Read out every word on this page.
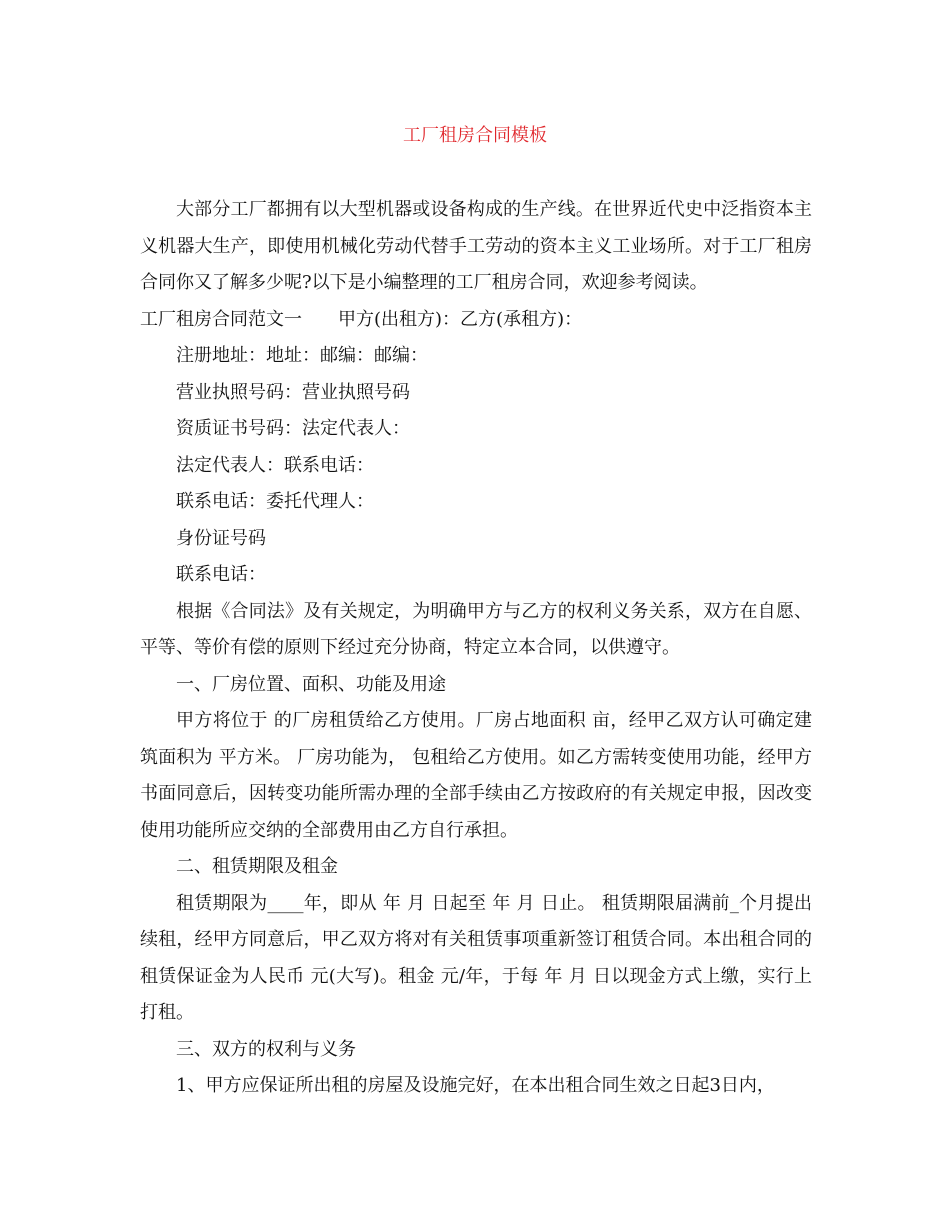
工厂租房合同模板

大部分工厂都拥有以大型机器或设备构成的生产线。在世界近代史中泛指资本主义机器大生产，即使用机械化劳动代替手工劳动的资本主义工业场所。对于工厂租房合同你又了解多少呢?以下是小编整理的工厂租房合同，欢迎参考阅读。

工厂租房合同范文一 甲方(出租方)：乙方(承租方)：

注册地址：地址：邮编：邮编：

营业执照号码：营业执照号码

资质证书号码：法定代表人：

法定代表人：联系电话：

联系电话：委托代理人：

身份证号码

联系电话：

根据《合同法》及有关规定，为明确甲方与乙方的权利义务关系，双方在自愿、平等、等价有偿的原则下经过充分协商，特定立本合同，以供遵守。

一、厂房位置、面积、功能及用途

甲方将位于 的厂房租赁给乙方使用。厂房占地面积 亩，经甲乙双方认可确定建筑面积为 平方米。 厂房功能为， 包租给乙方使用。如乙方需转变使用功能，经甲方书面同意后，因转变功能所需办理的全部手续由乙方按政府的有关规定申报，因改变使用功能所应交纳的全部费用由乙方自行承担。

二、租赁期限及租金

租赁期限为____年，即从 年 月 日起至 年 月 日止。 租赁期限届满前_个月提出续租，经甲方同意后，甲乙双方将对有关租赁事项重新签订租赁合同。本出租合同的租赁保证金为人民币 元(大写)。租金 元/年，于每 年 月 日以现金方式上缴，实行上打租。

三、双方的权利与义务

1、甲方应保证所出租的房屋及设施完好，在本出租合同生效之日起3日内，
